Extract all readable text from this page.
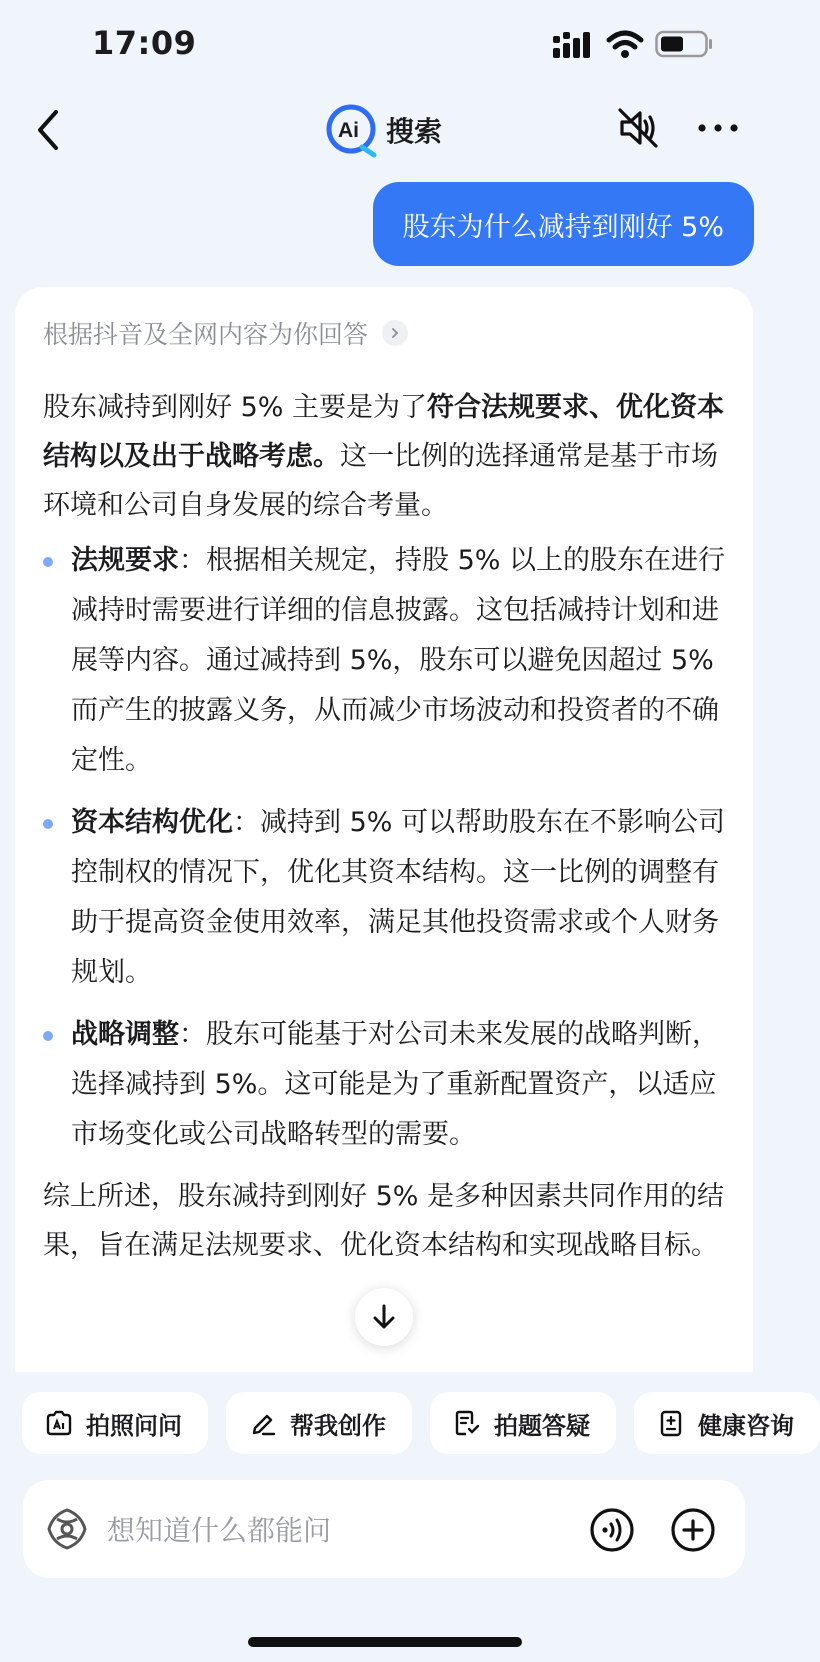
17:09
Ai 搜索
股东为什么减持到刚好 5%
根据抖音及全网内容为你回答

股东减持到刚好 5% 主要是为了符合法规要求、优化资本结构以及出于战略考虑。这一比例的选择通常是基于市场环境和公司自身发展的综合考量。

法规要求：根据相关规定，持股 5% 以上的股东在进行减持时需要进行详细的信息披露。这包括减持计划和进展等内容。通过减持到 5%，股东可以避免因超过 5% 而产生的披露义务，从而减少市场波动和投资者的不确定性。
资本结构优化：减持到 5% 可以帮助股东在不影响公司控制权的情况下，优化其资本结构。这一比例的调整有助于提高资金使用效率，满足其他投资需求或个人财务规划。
战略调整：股东可能基于对公司未来发展的战略判断，选择减持到 5%。这可能是为了重新配置资产，以适应市场变化或公司战略转型的需要。

综上所述，股东减持到刚好 5% 是多种因素共同作用的结果，旨在满足法规要求、优化资本结构和实现战略目标。

拍照问问	帮我创作	拍题答疑	健康咨询
想知道什么都能问
